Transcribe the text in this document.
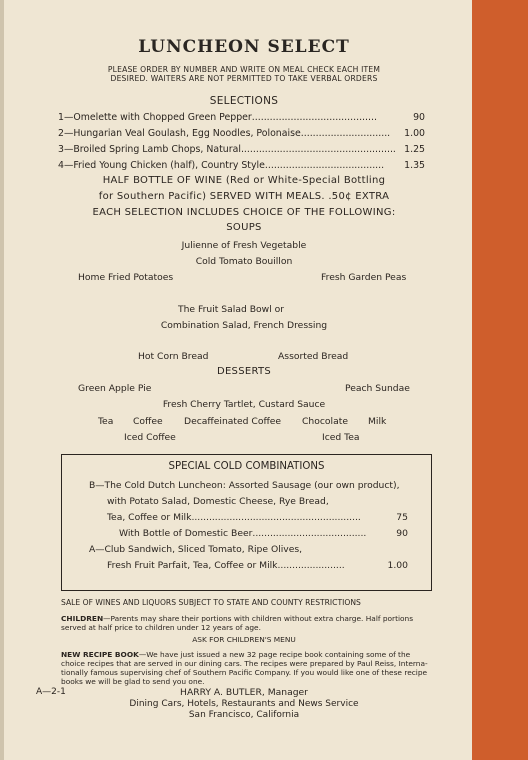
LUNCHEON SELECT
PLEASE ORDER BY NUMBER AND WRITE ON MEAL CHECK EACH ITEM
DESIRED. WAITERS ARE NOT PERMITTED TO TAKE VERBAL ORDERS
SELECTIONS
1—Omelette with Chopped Green Pepper..........................................	90
2—Hungarian Veal Goulash, Egg Noodles, Polonaise..............................	1.00
3—Broiled Spring Lamb Chops, Natural.................................................... 1.25
4—Fried Young Chicken (half), Country Style........................................	1.35
HALF BOTTLE OF WINE (Red or White-Special Bottling
for Southern Pacific) SERVED WITH MEALS. .50¢ EXTRA
EACH SELECTION INCLUDES CHOICE OF THE FOLLOWING:
SOUPS
Julienne of Fresh Vegetable
Cold Tomato Bouillon
Home Fried Potatoes	Fresh Garden Peas
The Fruit Salad Bowl or
Combination Salad, French Dressing
Hot Corn Bread	Assorted Bread
DESSERTS
Green Apple Pie	Peach Sundae
Fresh Cherry Tartlet, Custard Sauce
Tea Coffee Decaffeinated Coffee Chocolate Milk
Iced Coffee	Iced Tea
SPECIAL COLD COMBINATIONS
B—The Cold Dutch Luncheon: Assorted Sausage (our own product),
with Potato Salad, Domestic Cheese, Rye Bread,
Tea, Coffee or Milk..........................................................	75
With Bottle of Domestic Beer.......................................	90
A—Club Sandwich, Sliced Tomato, Ripe Olives,
Fresh Fruit Parfait, Tea, Coffee or Milk.......................	1.00
SALE OF WINES AND LIQUORS SUBJECT TO STATE AND COUNTY RESTRICTIONS
CHILDREN—Parents may share their portions with children without extra charge. Half portions
served at half price to children under 12 years of age.
ASK FOR CHILDREN'S MENU
NEW RECIPE BOOK—We have just issued a new 32 page recipe book containing some of the
choice recipes that are served in our dining cars. The recipes were prepared by Paul Reiss, Interna-
tionally famous supervising chef of Southern Pacific Company. If you would like one of these recipe
books we will be glad to send you one.
A—2-1	HARRY A. BUTLER, Manager
Dining Cars, Hotels, Restaurants and News Service
San Francisco, California
